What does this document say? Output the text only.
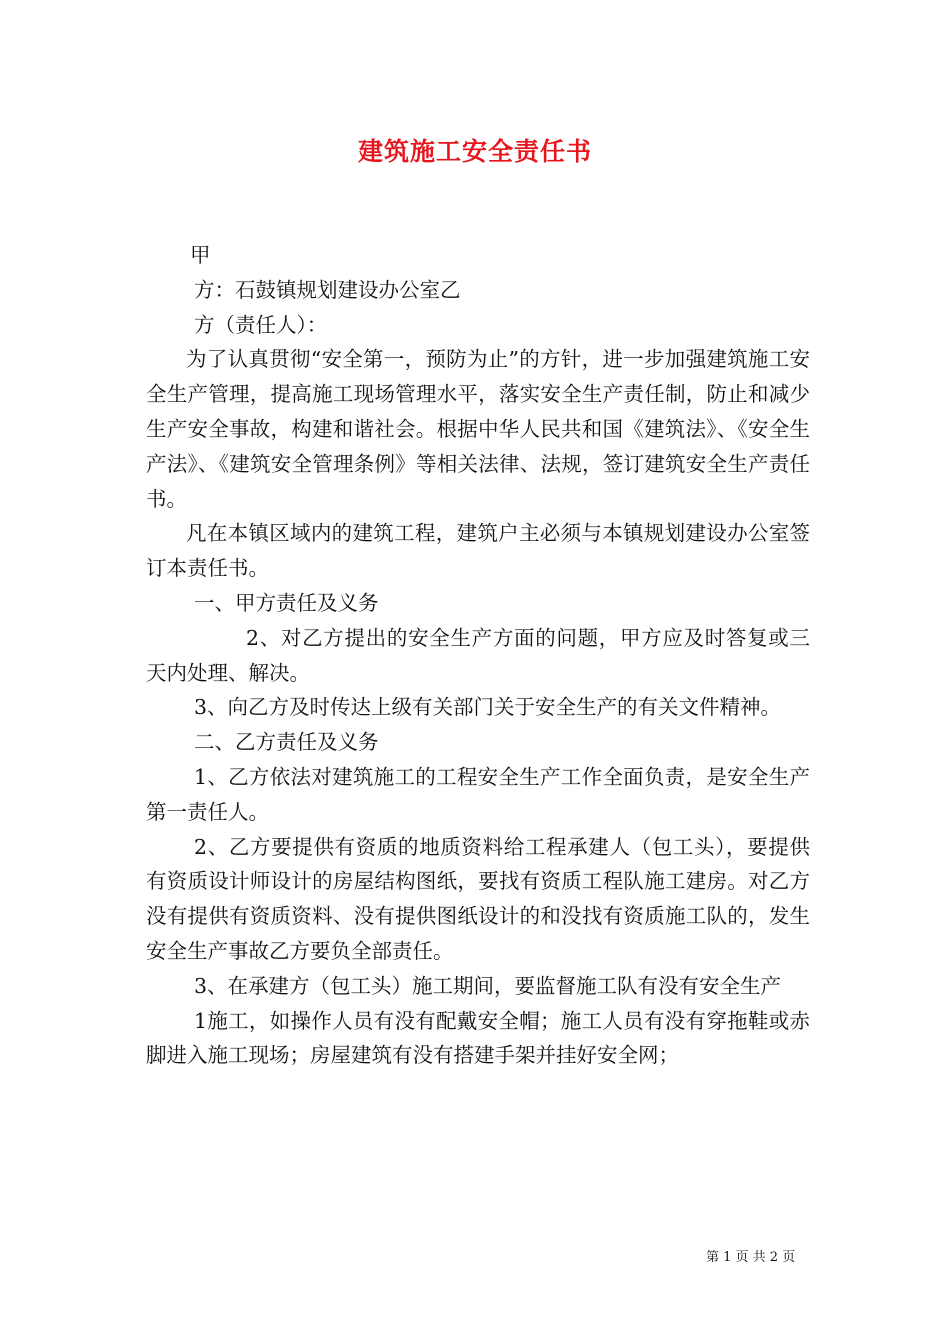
建筑施工安全责任书

甲

方：石鼓镇规划建设办公室乙

方（责任人）：

为了认真贯彻“安全第一，预防为止”的方针，进一步加强建筑施工安全生产管理，提高施工现场管理水平，落实安全生产责任制，防止和减少生产安全事故，构建和谐社会。根据中华人民共和国《建筑法》、《安全生产法》、《建筑安全管理条例》等相关法律、法规，签订建筑安全生产责任书。

凡在本镇区域内的建筑工程，建筑户主必须与本镇规划建设办公室签订本责任书。

一、甲方责任及义务

2、对乙方提出的安全生产方面的问题，甲方应及时答复或三天内处理、解决。

3、向乙方及时传达上级有关部门关于安全生产的有关文件精神。

二、乙方责任及义务

1、乙方依法对建筑施工的工程安全生产工作全面负责，是安全生产第一责任人。

2、乙方要提供有资质的地质资料给工程承建人（包工头），要提供有资质设计师设计的房屋结构图纸，要找有资质工程队施工建房。对乙方没有提供有资质资料、没有提供图纸设计的和没找有资质施工队的，发生安全生产事故乙方要负全部责任。

3、在承建方（包工头）施工期间，要监督施工队有没有安全生产

1施工，如操作人员有没有配戴安全帽；施工人员有没有穿拖鞋或赤脚进入施工现场；房屋建筑有没有搭建手架并挂好安全网；

第 1 页 共 2 页
